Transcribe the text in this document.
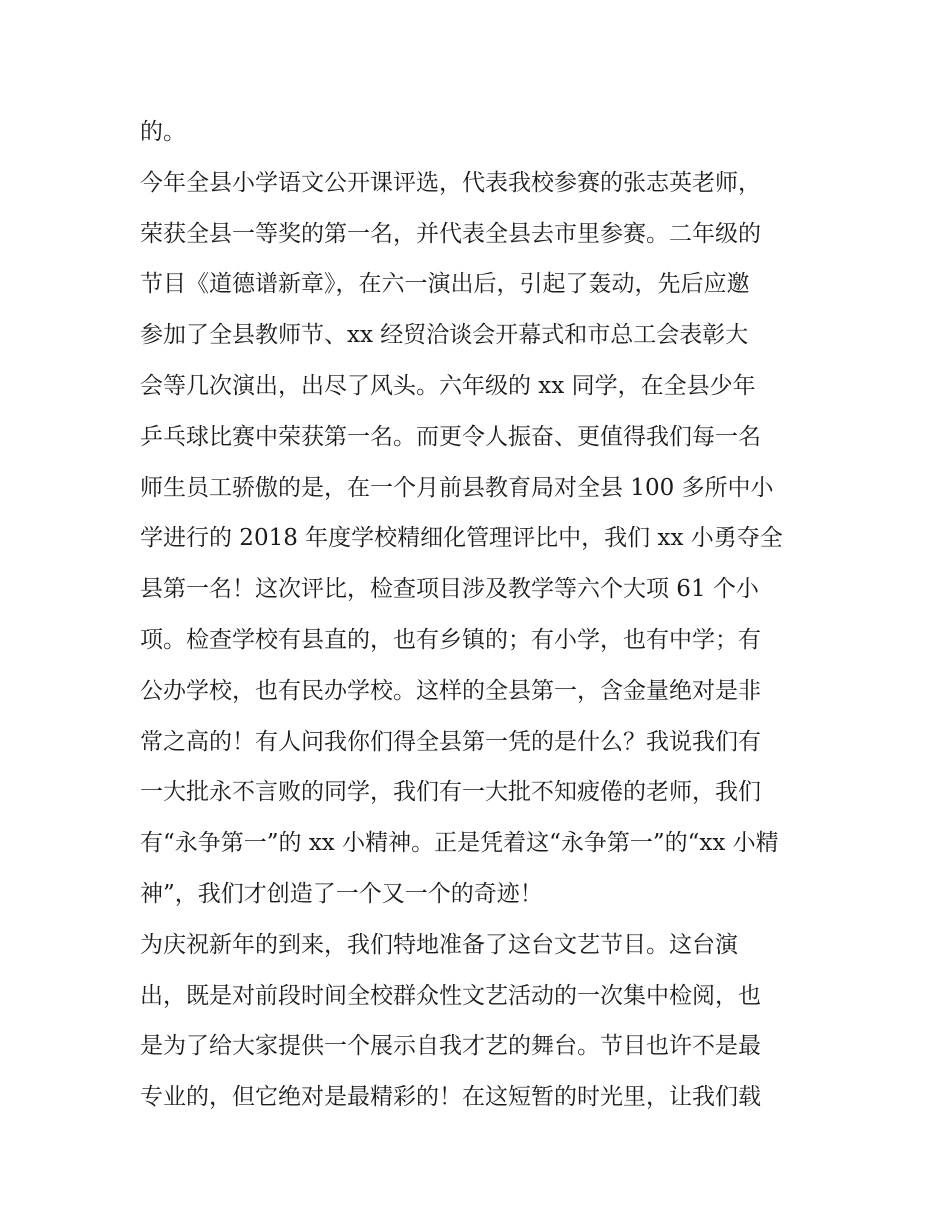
的。
今年全县小学语文公开课评选，代表我校参赛的张志英老师，
荣获全县一等奖的第一名，并代表全县去市里参赛。二年级的
节目《道德谱新章》，在六一演出后，引起了轰动，先后应邀
参加了全县教师节、xx 经贸洽谈会开幕式和市总工会表彰大
会等几次演出，出尽了风头。六年级的 xx 同学，在全县少年
乒乓球比赛中荣获第一名。而更令人振奋、更值得我们每一名
师生员工骄傲的是，在一个月前县教育局对全县 100 多所中小
学进行的 2018 年度学校精细化管理评比中，我们 xx 小勇夺全
县第一名！这次评比，检查项目涉及教学等六个大项 61 个小
项。检查学校有县直的，也有乡镇的；有小学，也有中学；有
公办学校，也有民办学校。这样的全县第一，含金量绝对是非
常之高的！有人问我你们得全县第一凭的是什么？我说我们有
一大批永不言败的同学，我们有一大批不知疲倦的老师，我们
有“永争第一”的 xx 小精神。正是凭着这“永争第一”的“xx 小精
神”，我们才创造了一个又一个的奇迹！
为庆祝新年的到来，我们特地准备了这台文艺节目。这台演
出，既是对前段时间全校群众性文艺活动的一次集中检阅，也
是为了给大家提供一个展示自我才艺的舞台。节目也许不是最
专业的，但它绝对是最精彩的！在这短暂的时光里，让我们载
